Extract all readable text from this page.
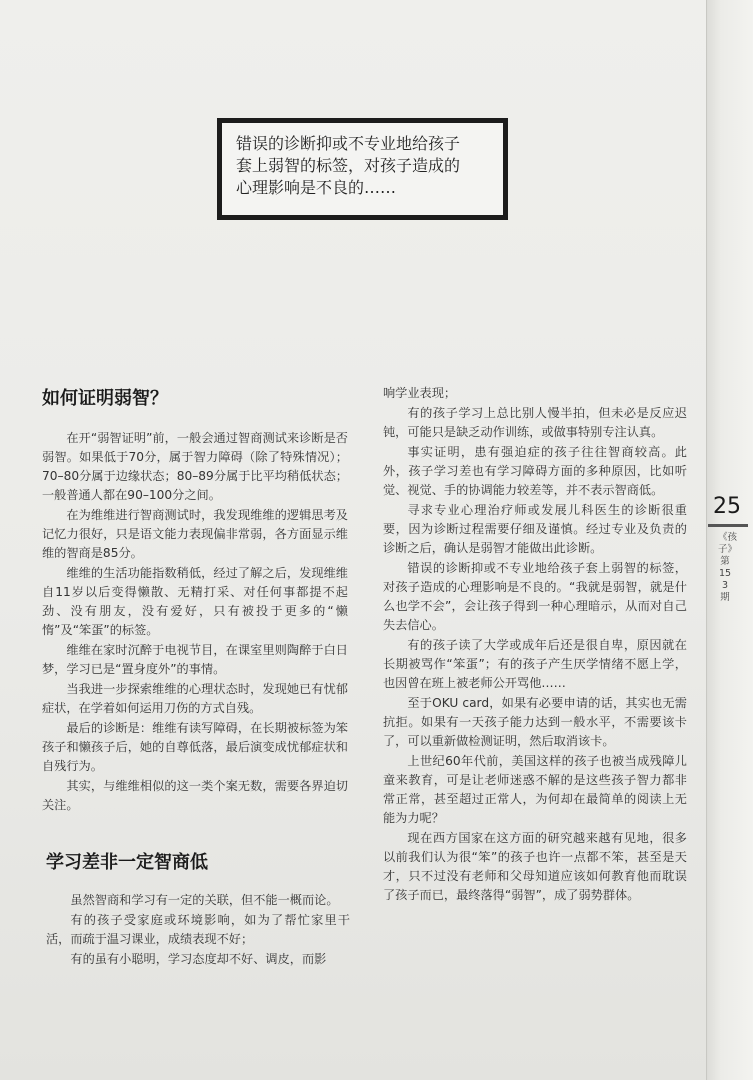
错误的诊断抑或不专业地给孩子
套上弱智的标签，对孩子造成的
心理影响是不良的……
如何证明弱智？

在开“弱智证明”前，一般会通过智商测试来诊断是否弱智。如果低于70分，属于智力障碍（除了特殊情况）；70–80分属于边缘状态；80–89分属于比平均稍低状态；一般普通人都在90–100分之间。

在为维维进行智商测试时，我发现维维的逻辑思考及记忆力很好，只是语文能力表现偏非常弱，各方面显示维维的智商是85分。

维维的生活功能指数稍低，经过了解之后，发现维维自11岁以后变得懒散、无精打采、对任何事都提不起劲、没有朋友，没有爱好，只有被投于更多的“懒惰”及“笨蛋”的标签。

维维在家时沉醉于电视节目，在课室里则陶醉于白日梦，学习已是“置身度外”的事情。

当我进一步探索维维的心理状态时，发现她已有忧郁症状，在学着如何运用刀伤的方式自残。

最后的诊断是：维维有读写障碍，在长期被标签为笨孩子和懒孩子后，她的自尊低落，最后演变成忧郁症状和自残行为。

其实，与维维相似的这一类个案无数，需要各界迫切关注。

学习差非一定智商低

虽然智商和学习有一定的关联，但不能一概而论。

有的孩子受家庭或环境影响，如为了帮忙家里干活，而疏于温习课业，成绩表现不好；

有的虽有小聪明，学习态度却不好、调皮，而影

响学业表现；

有的孩子学习上总比别人慢半拍，但未必是反应迟钝，可能只是缺乏动作训练，或做事特别专注认真。

事实证明，患有强迫症的孩子往往智商较高。此外，孩子学习差也有学习障碍方面的多种原因，比如听觉、视觉、手的协调能力较差等，并不表示智商低。

寻求专业心理治疗师或发展儿科医生的诊断很重要，因为诊断过程需要仔细及谨慎。经过专业及负责的诊断之后，确认是弱智才能做出此诊断。

错误的诊断抑或不专业地给孩子套上弱智的标签，对孩子造成的心理影响是不良的。“我就是弱智，就是什么也学不会”，会让孩子得到一种心理暗示，从而对自己失去信心。

有的孩子读了大学或成年后还是很自卑，原因就在长期被骂作“笨蛋”；有的孩子产生厌学情绪不愿上学，也因曾在班上被老师公开骂他……

至于OKU card，如果有必要申请的话，其实也无需抗拒。如果有一天孩子能力达到一般水平，不需要该卡了，可以重新做检测证明，然后取消该卡。

上世纪60年代前，美国这样的孩子也被当成残障儿童来教育，可是让老师迷惑不解的是这些孩子智力都非常正常，甚至超过正常人，为何却在最简单的阅读上无能为力呢？

现在西方国家在这方面的研究越来越有见地，很多以前我们认为很“笨”的孩子也许一点都不笨，甚至是天才，只不过没有老师和父母知道应该如何教育他而耽误了孩子而已，最终落得“弱智”，成了弱势群体。

25
《孩子》第153期
